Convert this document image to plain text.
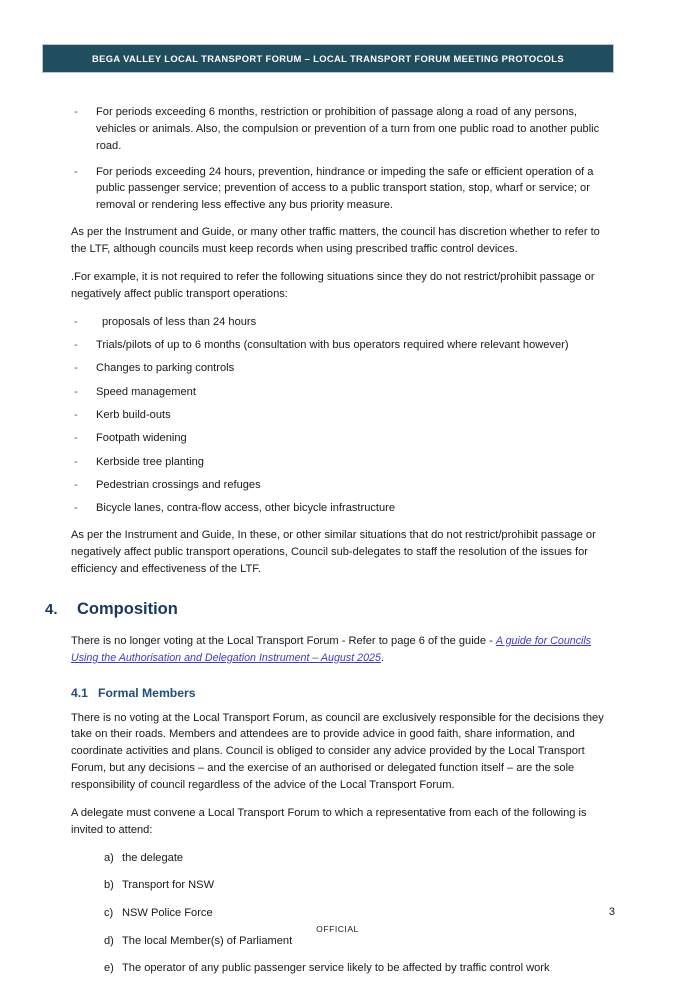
BEGA VALLEY LOCAL TRANSPORT FORUM – LOCAL TRANSPORT FORUM MEETING PROTOCOLS
- For periods exceeding 6 months, restriction or prohibition of passage along a road of any persons, vehicles or animals. Also, the compulsion or prevention of a turn from one public road to another public road.
- For periods exceeding 24 hours, prevention, hindrance or impeding the safe or efficient operation of a public passenger service; prevention of access to a public transport station, stop, wharf or service; or removal or rendering less effective any bus priority measure.

As per the Instrument and Guide, or many other traffic matters, the council has discretion whether to refer to the LTF, although councils must keep records when using prescribed traffic control devices.

.For example, it is not required to refer the following situations since they do not restrict/prohibit passage or negatively affect public transport operations:

- proposals of less than 24 hours
- Trials/pilots of up to 6 months (consultation with bus operators required where relevant however)
- Changes to parking controls
- Speed management
- Kerb build-outs
- Footpath widening
- Kerbside tree planting
- Pedestrian crossings and refuges
- Bicycle lanes, contra-flow access, other bicycle infrastructure

As per the Instrument and Guide, In these, or other similar situations that do not restrict/prohibit passage or negatively affect public transport operations, Council sub-delegates to staff the resolution of the issues for efficiency and effectiveness of the LTF.

4.	Composition

There is no longer voting at the Local Transport Forum - Refer to page 6 of the guide - A guide for Councils Using the Authorisation and Delegation Instrument – August 2025.

4.1 Formal Members

There is no voting at the Local Transport Forum, as council are exclusively responsible for the decisions they take on their roads. Members and attendees are to provide advice in good faith, share information, and coordinate activities and plans. Council is obliged to consider any advice provided by the Local Transport Forum, but any decisions – and the exercise of an authorised or delegated function itself – are the sole responsibility of council regardless of the advice of the Local Transport Forum.

A delegate must convene a Local Transport Forum to which a representative from each of the following is invited to attend:

a) the delegate
b) Transport for NSW
c) NSW Police Force
d) The local Member(s) of Parliament
e) The operator of any public passenger service likely to be affected by traffic control work
3
OFFICIAL
